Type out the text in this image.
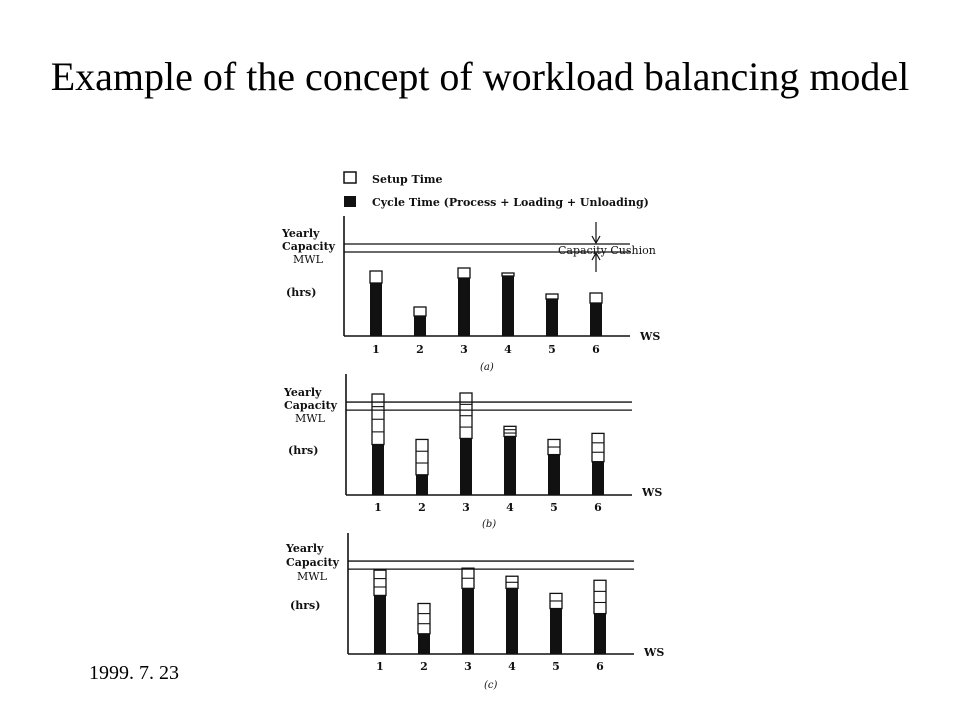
Example of the concept of workload balancing model
Setup Time
Cycle Time (Process + Loading + Unloading)
Yearly
Capacity
MWL
(hrs)
WS
(a)
Capacity Cushion
1	2	3	4	5	6
Yearly
Capacity
MWL
(hrs)
WS
(b)
1	2	3	4	5	6
Yearly
Capacity
MWL
(hrs)
WS
(c)
1	2	3	4	5	6
1999. 7. 23
